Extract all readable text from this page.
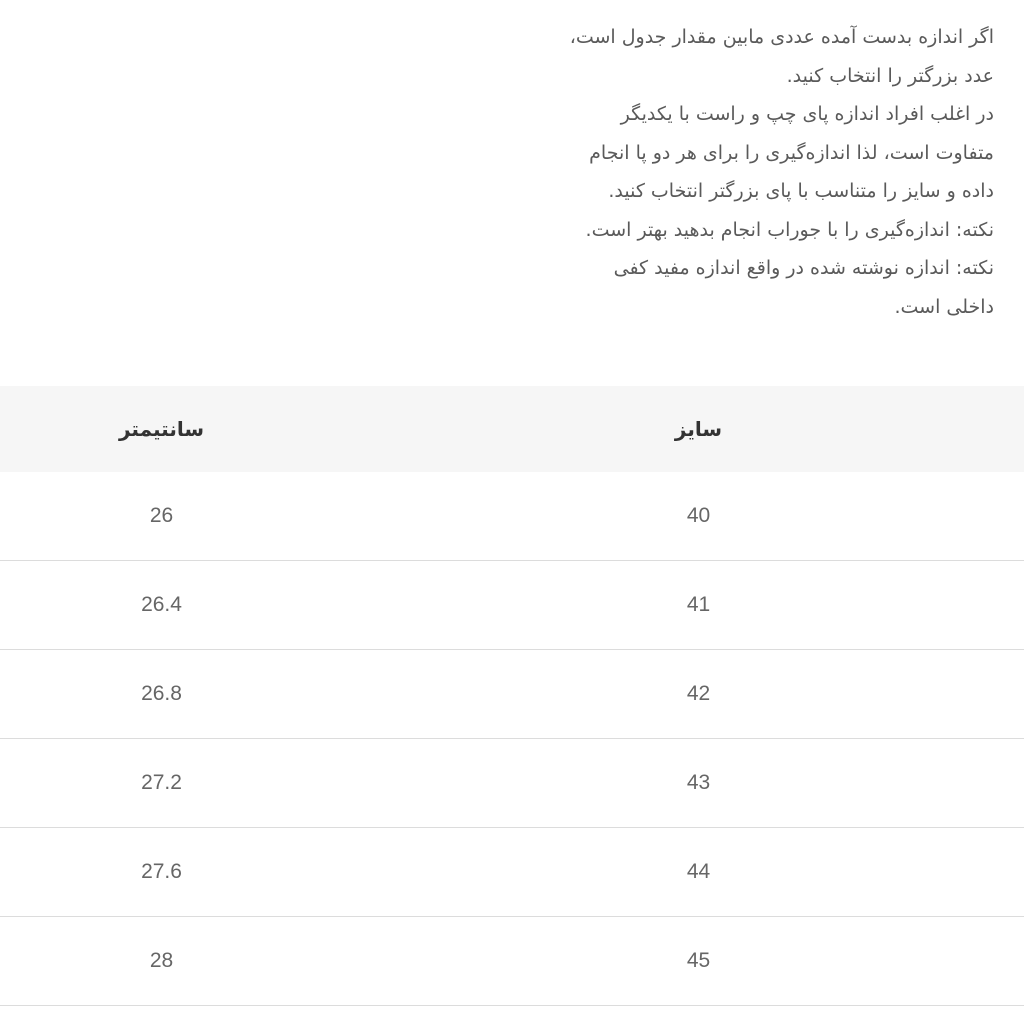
اگر اندازه بدست آمده عددی مابین مقدار جدول است،
عدد بزرگتر را انتخاب کنید.
در اغلب افراد اندازه پای چپ و راست با یکدیگر
متفاوت است، لذا اندازه‌گیری را برای هر دو پا انجام
داده و سایز را متناسب با پای بزرگتر انتخاب کنید.
نکته: اندازه‌گیری را با جوراب انجام بدهید بهتر است.
نکته: اندازه نوشته شده در واقع اندازه مفید کفی
داخلی است.
سانتیمتر	سایز
26	40
26.4	41
26.8	42
27.2	43
27.6	44
28	45
